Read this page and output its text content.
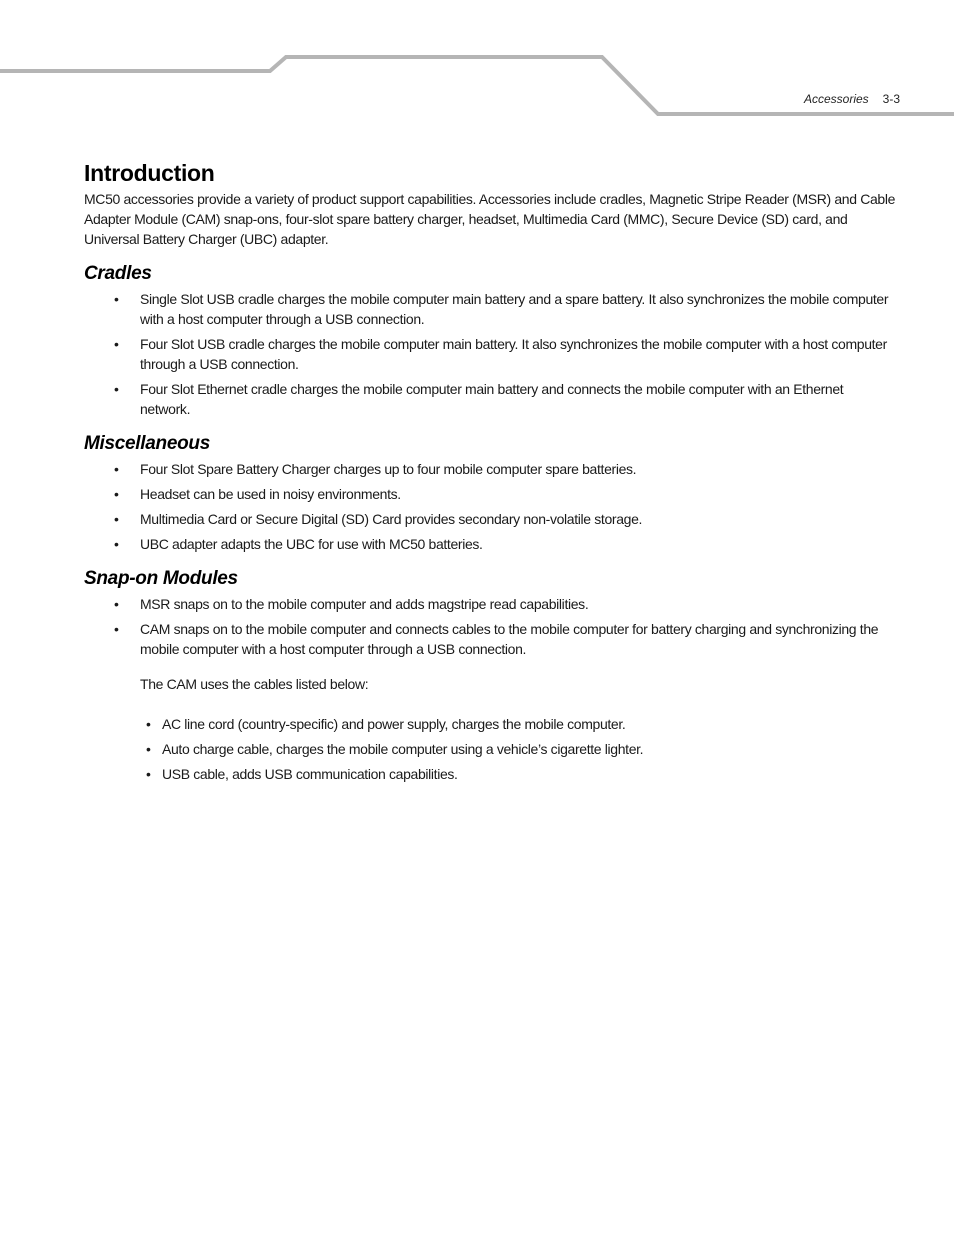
Accessories 3-3
Introduction

MC50 accessories provide a variety of product support capabilities. Accessories include cradles, Magnetic Stripe Reader (MSR) and Cable Adapter Module (CAM) snap-ons, four-slot spare battery charger, headset, Multimedia Card (MMC), Secure Device (SD) card, and Universal Battery Charger (UBC) adapter.

Cradles
• Single Slot USB cradle charges the mobile computer main battery and a spare battery. It also synchronizes the mobile computer with a host computer through a USB connection.
• Four Slot USB cradle charges the mobile computer main battery. It also synchronizes the mobile computer with a host computer through a USB connection.
• Four Slot Ethernet cradle charges the mobile computer main battery and connects the mobile computer with an Ethernet network.
Miscellaneous
• Four Slot Spare Battery Charger charges up to four mobile computer spare batteries.
• Headset can be used in noisy environments.
• Multimedia Card or Secure Digital (SD) Card provides secondary non-volatile storage.
• UBC adapter adapts the UBC for use with MC50 batteries.
Snap-on Modules
• MSR snaps on to the mobile computer and adds magstripe read capabilities.
• CAM snaps on to the mobile computer and connects cables to the mobile computer for battery charging and synchronizing the mobile computer with a host computer through a USB connection.
The CAM uses the cables listed below:
• AC line cord (country-specific) and power supply, charges the mobile computer.
• Auto charge cable, charges the mobile computer using a vehicle’s cigarette lighter.
• USB cable, adds USB communication capabilities.
